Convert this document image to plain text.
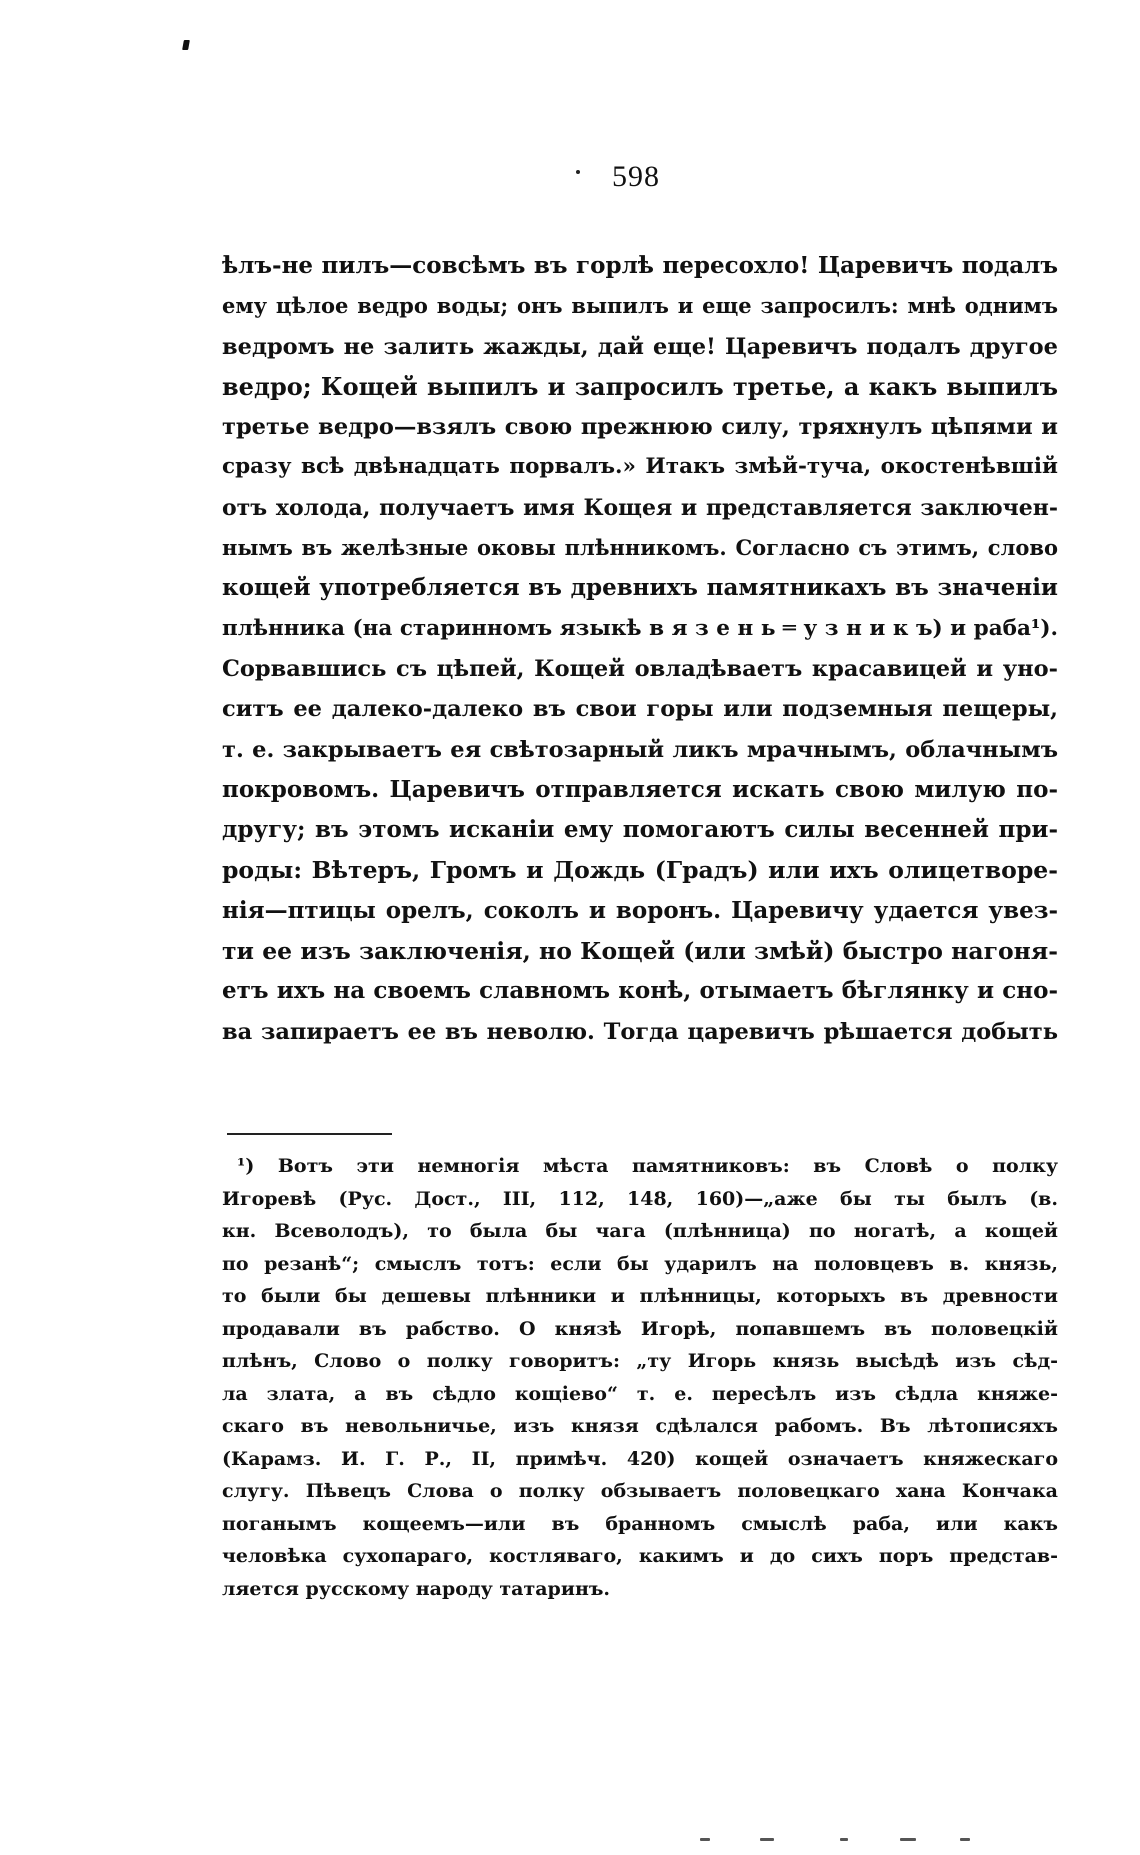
598
ѣлъ-не пилъ—совсѣмъ въ горлѣ пересохло! Царевичъ подалъ
ему цѣлое ведро воды; онъ выпилъ и еще запросилъ: мнѣ однимъ
ведромъ не залить жажды, дай еще! Царевичъ подалъ другое
ведро; Кощей выпилъ и запросилъ третье, а какъ выпилъ
третье ведро—взялъ свою прежнюю силу, тряхнулъ цѣпями и
сразу всѣ двѣнадцать порвалъ.» Итакъ змѣй-туча, окостенѣвшій
отъ холода, получаетъ имя Кощея и представляется заключен-
нымъ въ желѣзные оковы плѣнникомъ. Согласно съ этимъ, слово
кощей употребляется въ древнихъ памятникахъ въ значеніи
плѣнника (на старинномъ языкѣ в я з е н ь ═ у з н и к ъ) и раба¹).
Сорвавшись съ цѣпей, Кощей овладѣваетъ красавицей и уно-
ситъ ее далеко-далеко въ свои горы или подземныя пещеры,
т. е. закрываетъ ея свѣтозарный ликъ мрачнымъ, облачнымъ
покровомъ. Царевичъ отправляется искать свою милую по-
другу; въ этомъ исканіи ему помогаютъ силы весенней при-
роды: Вѣтеръ, Громъ и Дождь (Градъ) или ихъ олицетворе-
нія—птицы орелъ, соколъ и воронъ. Царевичу удается увез-
ти ее изъ заключенія, но Кощей (или змѣй) быстро нагоня-
етъ ихъ на своемъ славномъ конѣ, отымаетъ бѣглянку и сно-
ва запираетъ ее въ неволю. Тогда царевичъ рѣшается добыть
¹) Вотъ эти немногія мѣста памятниковъ: въ Словѣ о полку
Игоревѣ (Рус. Дост., III, 112, 148, 160)—„аже бы ты былъ (в.
кн. Всеволодъ), то была бы чага (плѣнница) по ногатѣ, а кощей
по резанѣ“; смыслъ тотъ: если бы ударилъ на половцевъ в. князь,
то были бы дешевы плѣнники и плѣнницы, которыхъ въ древности
продавали въ рабство. О князѣ Игорѣ, попавшемъ въ половецкій
плѣнъ, Слово о полку говоритъ: „ту Игорь князь высѣдѣ изъ сѣд-
ла злата, а въ сѣдло кощіево“ т. е. пересѣлъ изъ сѣдла княже-
скаго въ невольничье, изъ князя сдѣлался рабомъ. Въ лѣтописяхъ
(Карамз. И. Г. Р., II, примѣч. 420) кощей означаетъ княжескаго
слугу. Пѣвецъ Слова о полку обзываетъ половецкаго хана Кончака
поганымъ кощеемъ—или въ бранномъ смыслѣ раба, или какъ
человѣка сухопараго, костляваго, какимъ и до сихъ поръ представ-
ляется русскому народу татаринъ.
